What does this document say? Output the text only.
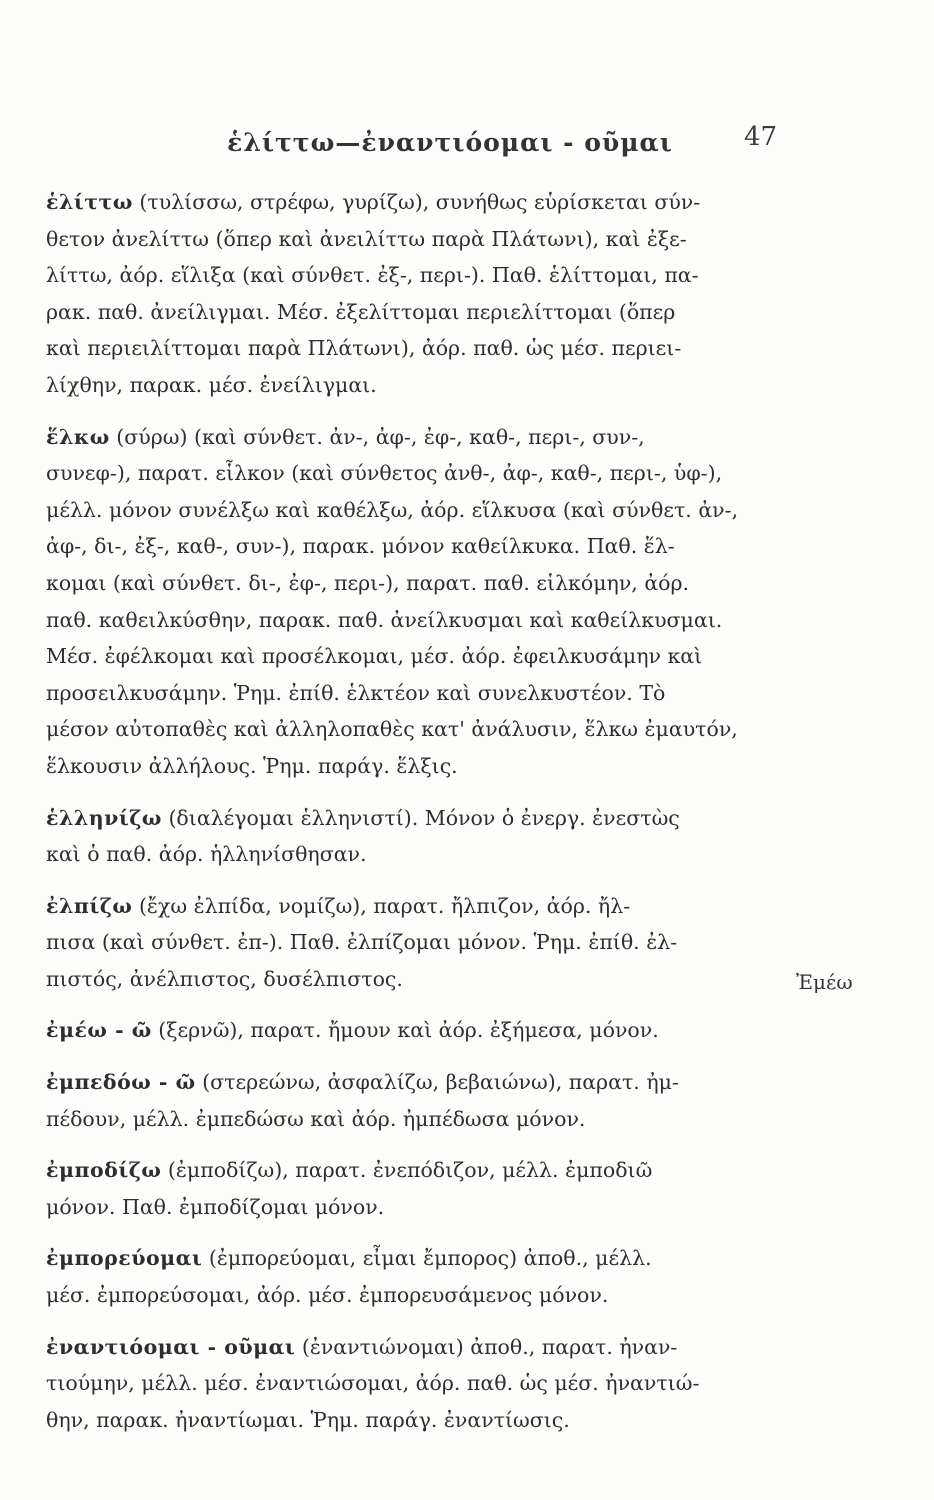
ἑλίττω—ἐναντιόομαι - οῦμαι	47

ἑλίττω (τυλίσσω, στρέφω, γυρίζω), συνήθως εὑρίσκεται σύν-
θετον ἀνελίττω (ὅπερ καὶ ἀνειλίττω παρὰ Πλάτωνι), καὶ ἐξε-
λίττω, ἀόρ. εἵλιξα (καὶ σύνθετ. ἐξ-, περι-). Παθ. ἑλίττομαι, πα-
ρακ. παθ. ἀνείλιγμαι. Μέσ. ἐξελίττομαι περιελίττομαι (ὅπερ
καὶ περιειλίττομαι παρὰ Πλάτωνι), ἀόρ. παθ. ὡς μέσ. περιει-
λίχθην, παρακ. μέσ. ἐνείλιγμαι.

ἕλκω (σύρω) (καὶ σύνθετ. ἀν-, ἀφ-, ἐφ-, καθ-, περι-, συν-,
συνεφ-), παρατ. εἷλκον (καὶ σύνθετος ἀνθ-, ἀφ-, καθ-, περι-, ὑφ-),
μέλλ. μόνον συνέλξω καὶ καθέλξω, ἀόρ. εἵλκυσα (καὶ σύνθετ. ἀν-,
ἀφ-, δι-, ἐξ-, καθ-, συν-), παρακ. μόνον καθείλκυκα. Παθ. ἕλ-
κομαι (καὶ σύνθετ. δι-, ἐφ-, περι-), παρατ. παθ. εἱλκόμην, ἀόρ.
παθ. καθειλκύσθην, παρακ. παθ. ἀνείλκυσμαι καὶ καθείλκυσμαι.
Μέσ. ἐφέλκομαι καὶ προσέλκομαι, μέσ. ἀόρ. ἐφειλκυσάμην καὶ
προσειλκυσάμην. Ῥημ. ἐπίθ. ἑλκτέον καὶ συνελκυστέον. Τὸ
μέσον αὐτοπαθὲς καὶ ἀλληλοπαθὲς κατ' ἀνάλυσιν, ἕλκω ἐμαυτόν,
ἕλκουσιν ἀλλήλους. Ῥημ. παράγ. ἕλξις.

ἑλληνίζω (διαλέγομαι ἑλληνιστί). Μόνον ὁ ἐνεργ. ἐνεστὼς
καὶ ὁ παθ. ἀόρ. ἡλληνίσθησαν.

ἐλπίζω (ἔχω ἐλπίδα, νομίζω), παρατ. ἤλπιζον, ἀόρ. ἤλ-
πισα (καὶ σύνθετ. ἐπ-). Παθ. ἐλπίζομαι μόνον. Ῥημ. ἐπίθ. ἐλ-
πιστός, ἀνέλπιστος, δυσέλπιστος.

ἐμέω - ῶ (ξερνῶ), παρατ. ἤμουν καὶ ἀόρ. ἐξήμεσα, μόνον.

ἐμπεδόω - ῶ (στερεώνω, ἀσφαλίζω, βεβαιώνω), παρατ. ἠμ-
πέδουν, μέλλ. ἐμπεδώσω καὶ ἀόρ. ἠμπέδωσα μόνον.

ἐμποδίζω (ἐμποδίζω), παρατ. ἐνεπόδιζον, μέλλ. ἐμποδιῶ
μόνον. Παθ. ἐμποδίζομαι μόνον.

ἐμπορεύομαι (ἐμπορεύομαι, εἶμαι ἔμπορος) ἀποθ., μέλλ.
μέσ. ἐμπορεύσομαι, ἀόρ. μέσ. ἐμπορευσάμενος μόνον.

ἐναντιόομαι - οῦμαι (ἐναντιώνομαι) ἀποθ., παρατ. ἠναν-
τιούμην, μέλλ. μέσ. ἐναντιώσομαι, ἀόρ. παθ. ὡς μέσ. ἠναντιώ-
θην, παρακ. ἠναντίωμαι. Ῥημ. παράγ. ἐναντίωσις.

Ἐμέω
